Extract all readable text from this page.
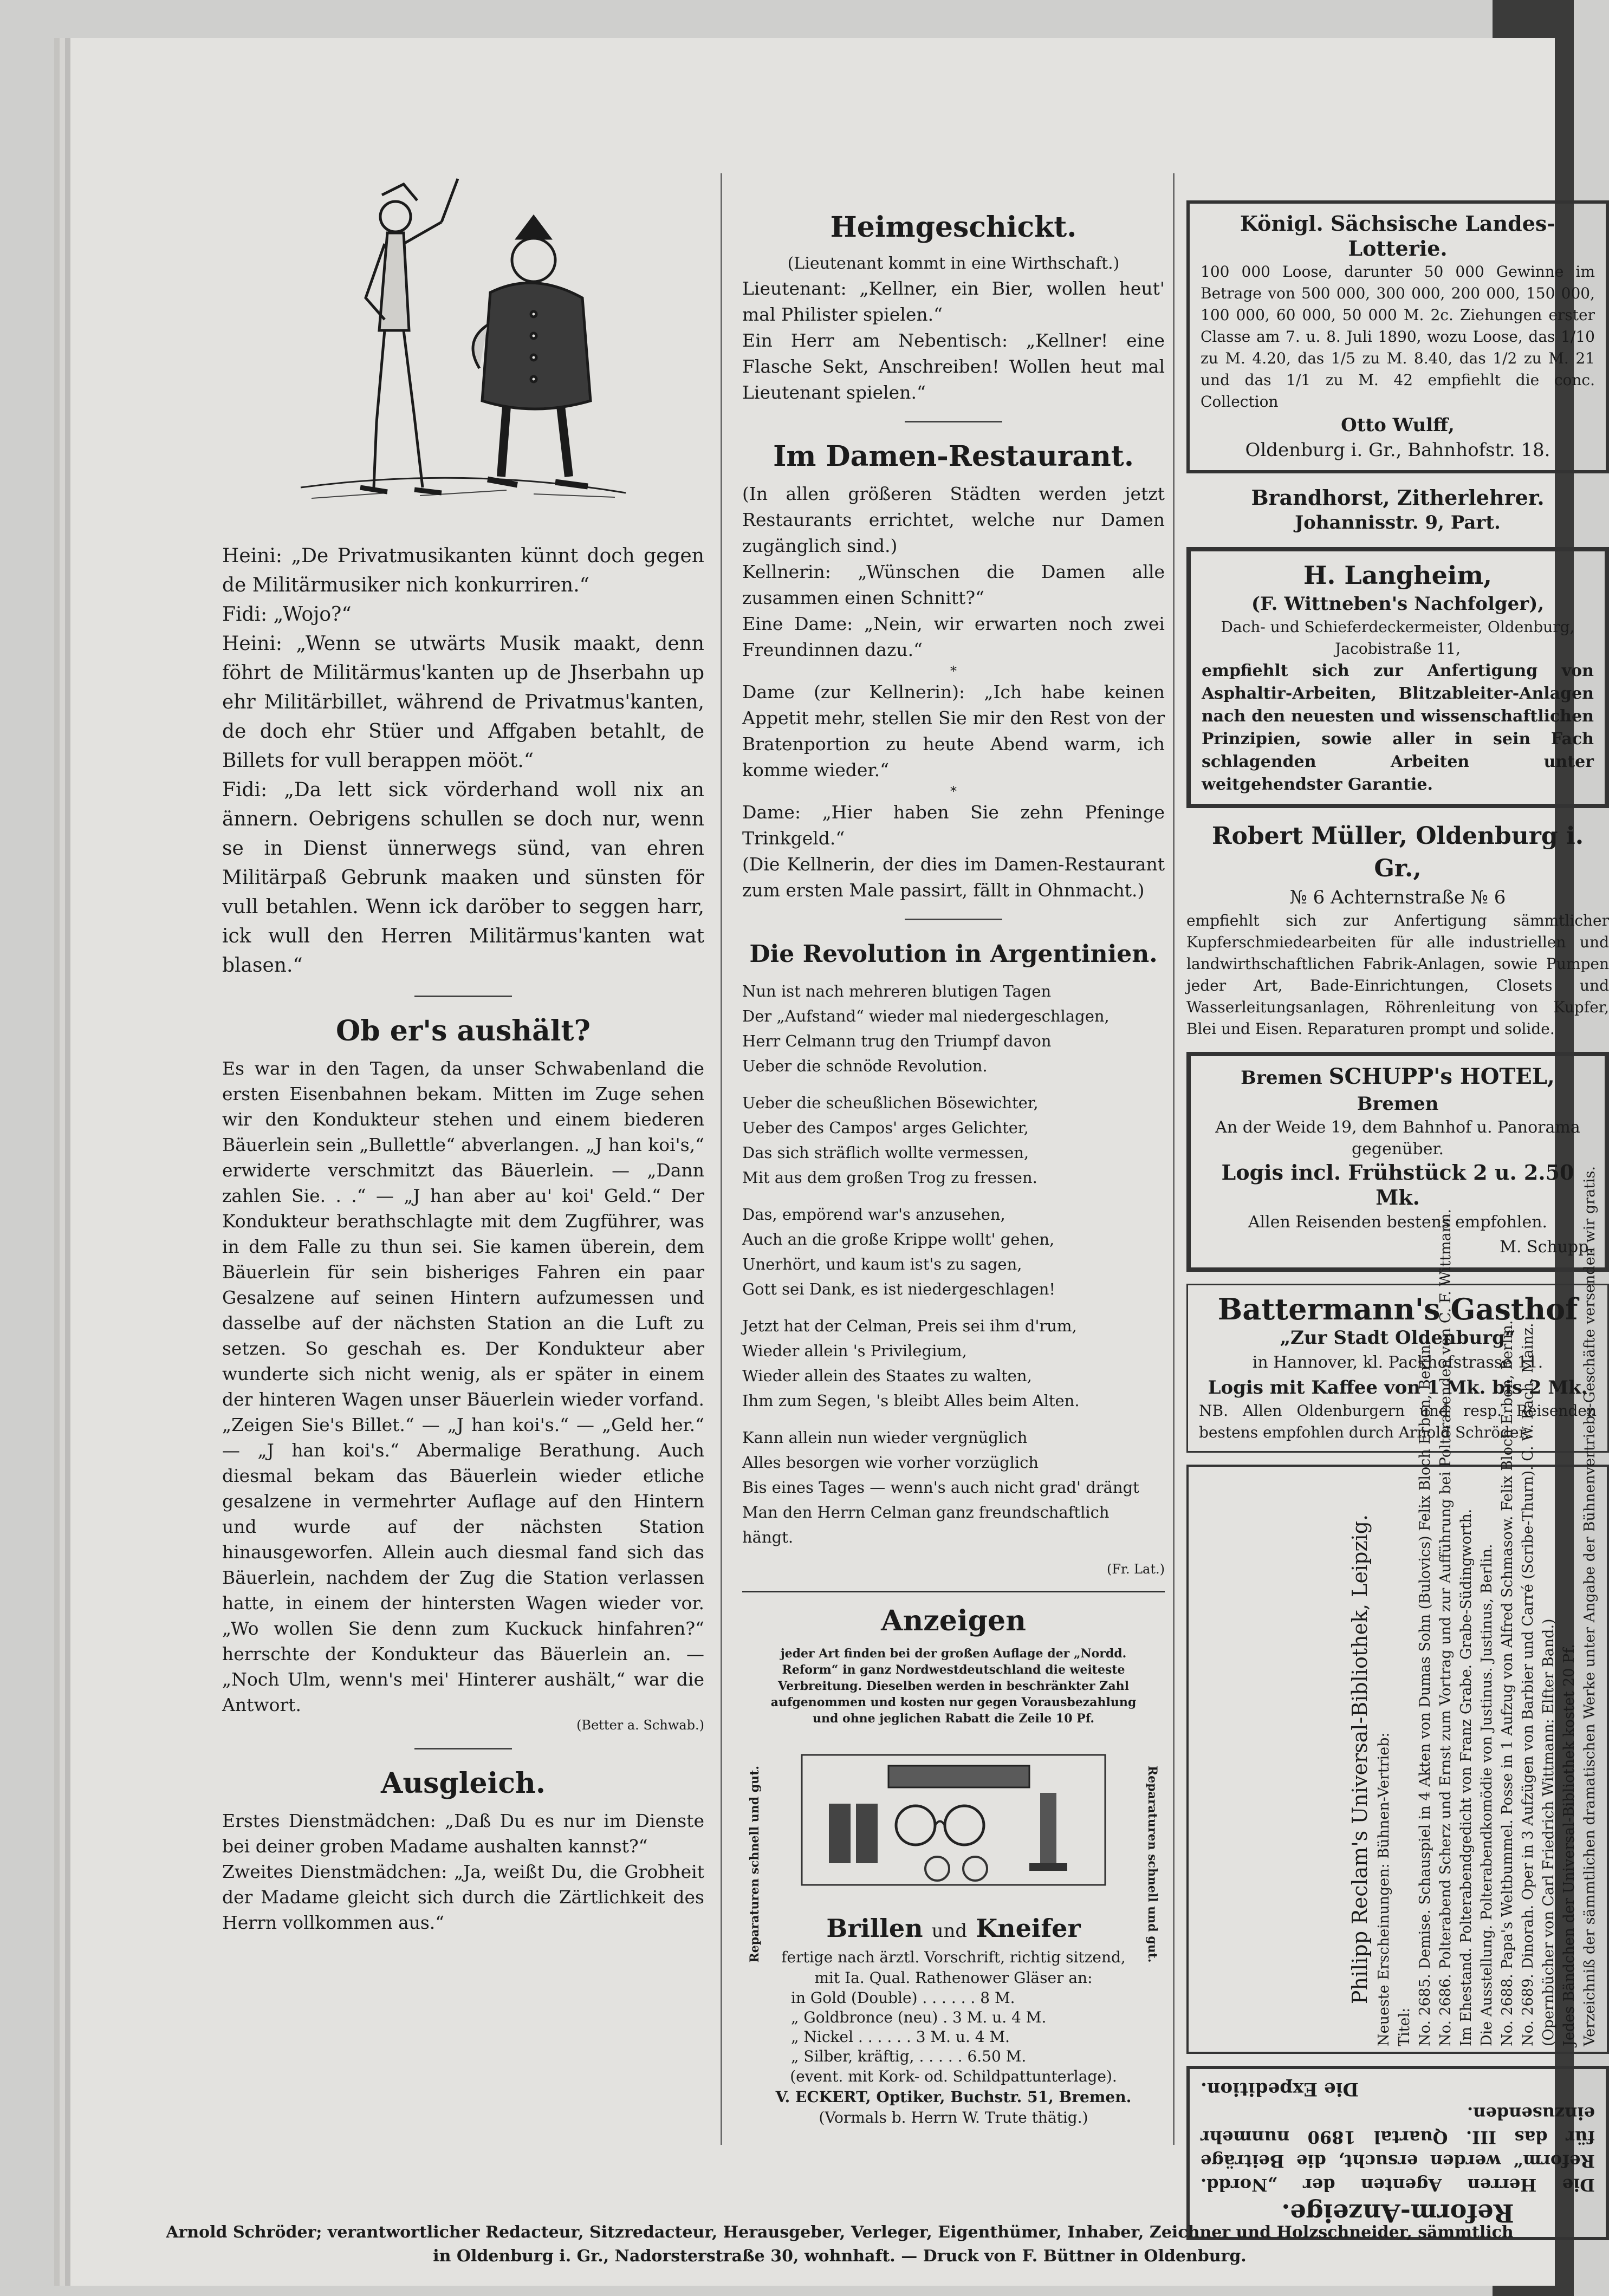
Heini: „De Privatmusikanten künnt doch gegen de Militärmusiker nich konkurriren.“

Fidi: „Wojo?“

Heini: „Wenn se utwärts Musik maakt, denn föhrt de Militärmus'kanten up de Jhserbahn up ehr Militärbillet, während de Privatmus'kanten, de doch ehr Stüer und Affgaben betahlt, de Billets for vull berappen mööt.“

Fidi: „Da lett sick vörderhand woll nix an ännern. Oebrigens schullen se doch nur, wenn se in Dienst ünnerwegs sünd, van ehren Militärpaß Gebrunk maaken und sünsten för vull betahlen. Wenn ick daröber to seggen harr, ick wull den Herren Militärmus'kanten wat blasen.“

Ob er's aushält?

Es war in den Tagen, da unser Schwabenland die ersten Eisenbahnen bekam. Mitten im Zuge sehen wir den Kondukteur stehen und einem biederen Bäuerlein sein „Bullettle“ abverlangen. „J han koi's,“ erwiderte verschmitzt das Bäuerlein. — „Dann zahlen Sie. . .“ — „J han aber au' koi' Geld.“ Der Kondukteur berathschlagte mit dem Zugführer, was in dem Falle zu thun sei. Sie kamen überein, dem Bäuerlein für sein bisheriges Fahren ein paar Gesalzene auf seinen Hintern aufzumessen und dasselbe auf der nächsten Station an die Luft zu setzen. So geschah es. Der Kondukteur aber wunderte sich nicht wenig, als er später in einem der hinteren Wagen unser Bäuerlein wieder vorfand. „Zeigen Sie's Billet.“ — „J han koi's.“ — „Geld her.“ — „J han koi's.“ Abermalige Berathung. Auch diesmal bekam das Bäuerlein wieder etliche gesalzene in vermehrter Auflage auf den Hintern und wurde auf der nächsten Station hinausgeworfen. Allein auch diesmal fand sich das Bäuerlein, nachdem der Zug die Station verlassen hatte, in einem der hintersten Wagen wieder vor. „Wo wollen Sie denn zum Kuckuck hinfahren?“ herrschte der Kondukteur das Bäuerlein an. — „Noch Ulm, wenn's mei' Hinterer aushält,“ war die Antwort.

(Better a. Schwab.)
Ausgleich.

Erstes Dienstmädchen: „Daß Du es nur im Dienste bei deiner groben Madame aushalten kannst?“

Zweites Dienstmädchen: „Ja, weißt Du, die Grobheit der Madame gleicht sich durch die Zärtlichkeit des Herrn vollkommen aus.“

Heimgeschickt.
(Lieutenant kommt in eine Wirthschaft.)

Lieutenant: „Kellner, ein Bier, wollen heut' mal Philister spielen.“

Ein Herr am Nebentisch: „Kellner! eine Flasche Sekt, Anschreiben! Wollen heut mal Lieutenant spielen.“

Im Damen-Restaurant.

(In allen größeren Städten werden jetzt Restaurants errichtet, welche nur Damen zugänglich sind.)

Kellnerin: „Wünschen die Damen alle zusammen einen Schnitt?“

Eine Dame: „Nein, wir erwarten noch zwei Freundinnen dazu.“

*

Dame (zur Kellnerin): „Ich habe keinen Appetit mehr, stellen Sie mir den Rest von der Bratenportion zu heute Abend warm, ich komme wieder.“

*

Dame: „Hier haben Sie zehn Pfeninge Trinkgeld.“

(Die Kellnerin, der dies im Damen-Restaurant zum ersten Male passirt, fällt in Ohnmacht.)

Die Revolution in Argentinien.
Nun ist nach mehreren blutigen Tagen
Der „Aufstand“ wieder mal niedergeschlagen,
Herr Celmann trug den Triumpf davon
Ueber die schnöde Revolution.
Ueber die scheußlichen Bösewichter,
Ueber des Campos' arges Gelichter,
Das sich sträflich wollte vermessen,
Mit aus dem großen Trog zu fressen.
Das, empörend war's anzusehen,
Auch an die große Krippe wollt' gehen,
Unerhört, und kaum ist's zu sagen,
Gott sei Dank, es ist niedergeschlagen!
Jetzt hat der Celman, Preis sei ihm d'rum,
Wieder allein 's Privilegium,
Wieder allein des Staates zu walten,
Ihm zum Segen, 's bleibt Alles beim Alten.
Kann allein nun wieder vergnüglich
Alles besorgen wie vorher vorzüglich
Bis eines Tages — wenn's auch nicht grad' drängt
Man den Herrn Celman ganz freundschaftlich hängt.
(Fr. Lat.)
Anzeigen

jeder Art finden bei der großen Auflage der „Nordd. Reform“ in ganz Nordwestdeutschland die weiteste Verbreitung. Dieselben werden in beschränkter Zahl aufgenommen und kosten nur gegen Vorausbezahlung und ohne jeglichen Rabatt die Zeile 10 Pf.

Reparaturen schnell und gut.	Reparaturen schnell und gut.
Brillen und Kneifer
fertige nach ärztl. Vorschrift, richtig sitzend,
mit Ia. Qual. Rathenower Gläser an:
in Gold (Double) . . . . . . 8 M.
„ Goldbronce (neu) . 3 M. u. 4 M.
„ Nickel . . . . . . 3 M. u. 4 M.
„ Silber, kräftig, . . . . . 6.50 M.
(event. mit Kork- od. Schildpattunterlage).
V. ECKERT, Optiker, Buchstr. 51, Bremen.
(Vormals b. Herrn W. Trute thätig.)
Königl. Sächsische Landes-Lotterie.

100 000 Loose, darunter 50 000 Gewinne im Betrage von 500 000, 300 000, 200 000, 150 000, 100 000, 60 000, 50 000 M. 2c. Ziehungen erster Classe am 7. u. 8. Juli 1890, wozu Loose, das 1/10 zu M. 4.20, das 1/5 zu M. 8.40, das 1/2 zu M. 21 und das 1/1 zu M. 42 empfiehlt die conc. Collection

Otto Wulff,
Oldenburg i. Gr., Bahnhofstr. 18.
Brandhorst, Zitherlehrer.
Johannisstr. 9, Part.
H. Langheim,
(F. Wittneben's Nachfolger),
Dach- und Schieferdeckermeister, Oldenburg,
Jacobistraße 11,

empfiehlt sich zur Anfertigung von Asphaltir-Arbeiten, Blitzableiter-Anlagen nach den neuesten und wissenschaftlichen Prinzipien, sowie aller in sein Fach schlagenden Arbeiten unter weitgehendster Garantie.

Robert Müller, Oldenburg i. Gr.,
№ 6 Achternstraße № 6

empfiehlt sich zur Anfertigung sämmtlicher Kupferschmiedearbeiten für alle industriellen und landwirthschaftlichen Fabrik-Anlagen, sowie Pumpen jeder Art, Bade-Einrichtungen, Closets und Wasserleitungsanlagen, Röhrenleitung von Kupfer, Blei und Eisen. Reparaturen prompt und solide.

Bremen SCHUPP's HOTEL, Bremen
An der Weide 19, dem Bahnhof u. Panorama gegenüber.
Logis incl. Frühstück 2 u. 2.50 Mk.
Allen Reisenden bestens empfohlen.
M. Schupp.
Battermann's Gasthof
„Zur Stadt Oldenburg“
in Hannover, kl. Packhofstrasse 11.
Logis mit Kaffee von 1 Mk. bis 2 Mk.

NB. Allen Oldenburgern und resp. Reisenden bestens empfohlen durch Arnold Schröder.

Philipp Reclam's Universal-Bibliothek, Leipzig. Neueste Erscheinungen: Bühnen-Vertrieb: Titel: No. 2685. Demise. Schauspiel in 4 Akten von Dumas Sohn (Bulovics) Felix Bloch Erben, Berlin. No. 2686. Polterabend Scherz und Ernst zum Vortrag und zur Aufführung bei Polterabenden von C. F. Wittmann. Im Ehestand. Polterabendgedicht von Franz Grabe. Grabe-Südingworth. Die Ausstellung. Polterabendkomödie von Justinus. Justinus, Berlin. No. 2688. Papa's Weltbummel. Posse in 1 Aufzug von Alfred Schmasow. Felix Bloch Erben, Berlin. No. 2689. Dinorah. Oper in 3 Aufzügen von Barbier und Carré (Scribe-Thurn). C. W. Bach, Mainz. (Opernbücher von Carl Friedrich Wittmann: Elfter Band.) Jedes Bändchen der Universal-Bibliothek kostet 20 Pf. Verzeichniß der sämmtlichen dramatischen Werke unter Angabe der Bühnenvertriebs-Geschäfte versenden wir gratis.
Reform-Anzeige.

Die Herren Agenten der „Nordd. Reform“ werden ersucht, die Beiträge für das III. Quartal 1890 nunmehr einzusenden.

Die Expedition.
Arnold Schröder; verantwortlicher Redacteur, Sitzredacteur, Herausgeber, Verleger, Eigenthümer, Inhaber, Zeichner und Holzschneider, sämmtlich in Oldenburg i. Gr., Nadorsterstraße 30, wohnhaft. — Druck von F. Büttner in Oldenburg.
